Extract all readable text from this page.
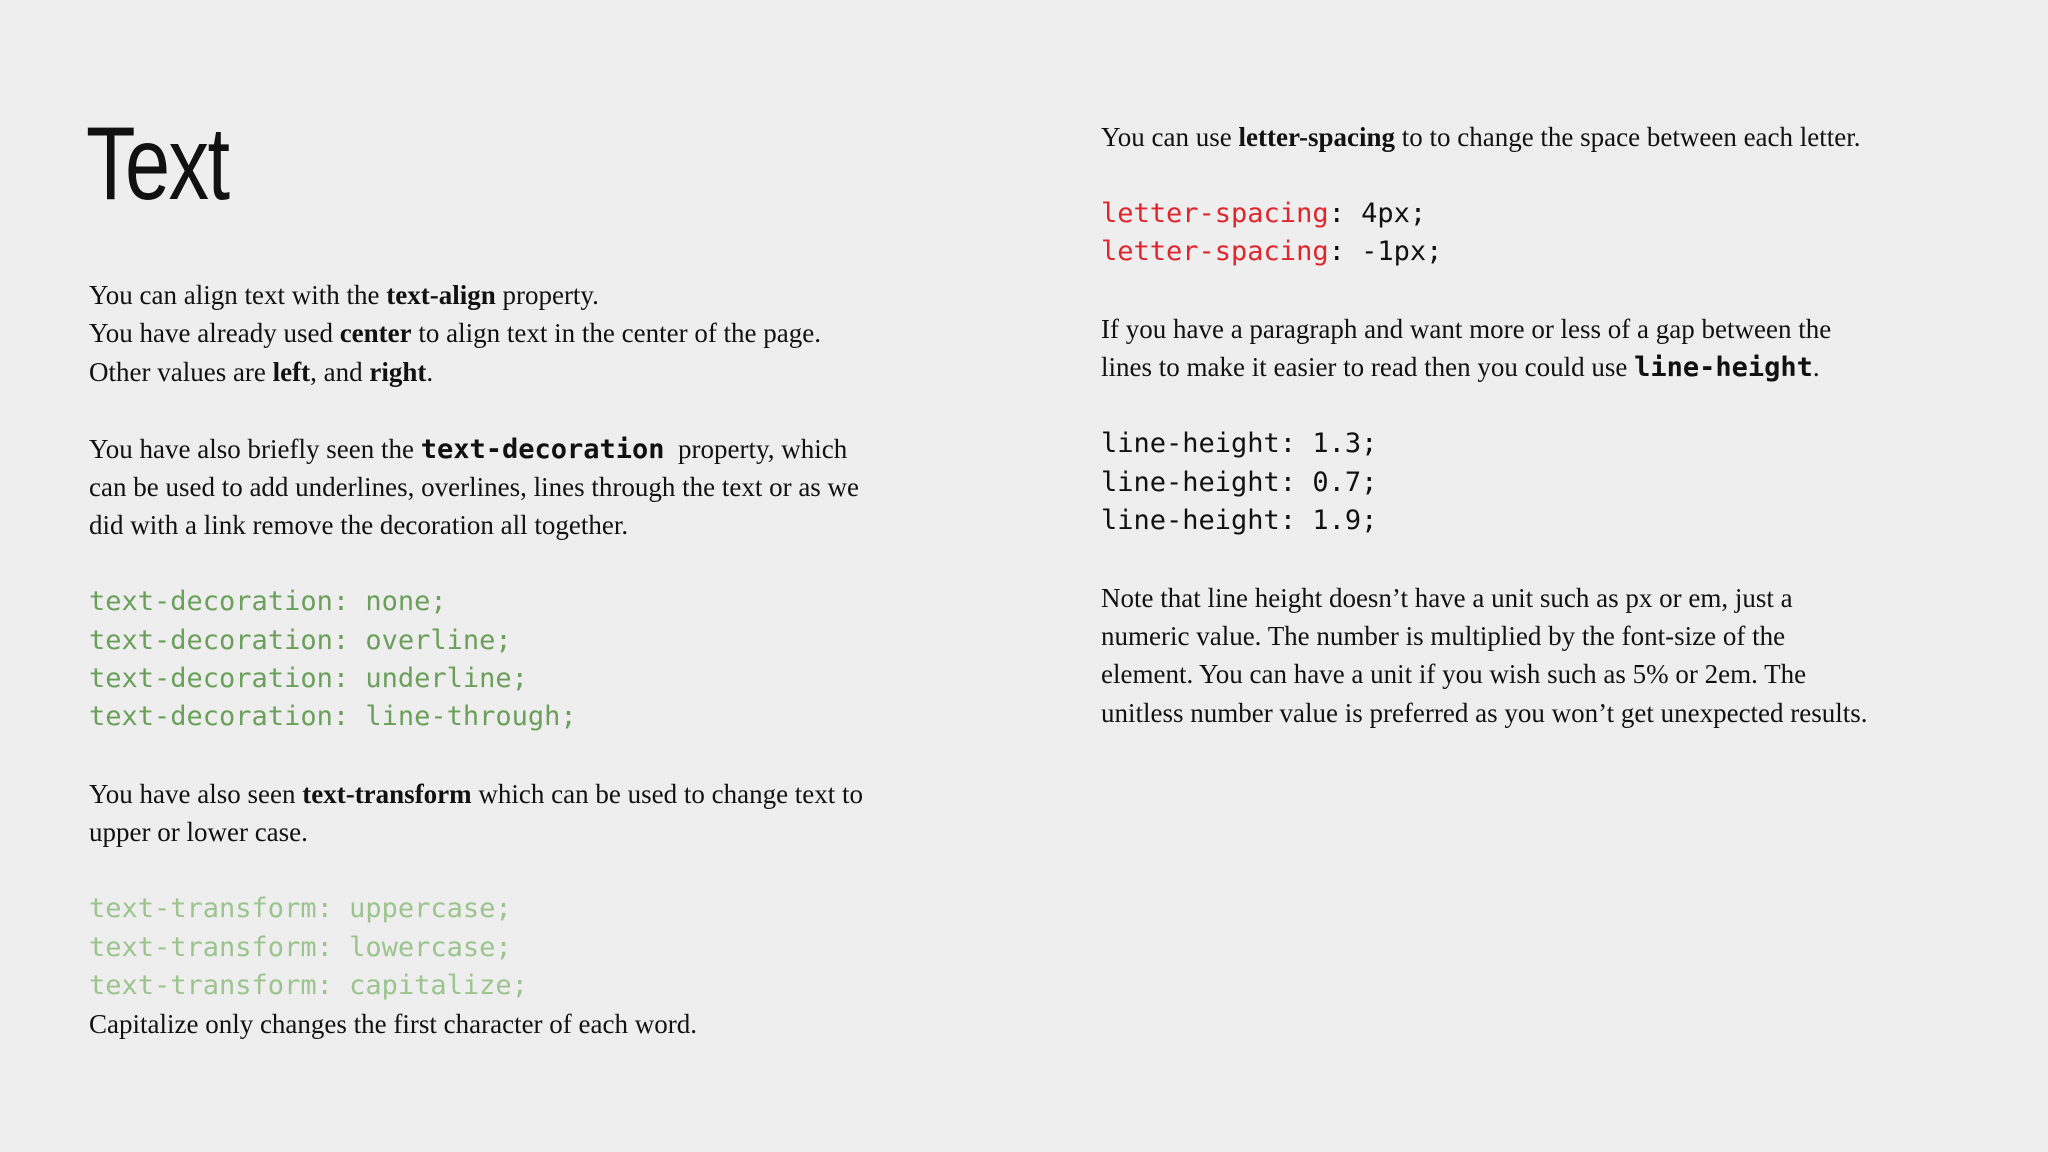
Text
You can align text with the text-align property.
You have already used center to align text in the center of the page.
Other values are left, and right.
You have also briefly seen the text-decoration  property, which
can be used to add underlines, overlines, lines through the text or as we
did with a link remove the decoration all together.
text-decoration: none;
text-decoration: overline;
text-decoration: underline;
text-decoration: line-through;
You have also seen text-transform which can be used to change text to
upper or lower case.
text-transform: uppercase;
text-transform: lowercase;
text-transform: capitalize;
Capitalize only changes the first character of each word.
You can use letter-spacing to to change the space between each letter.
letter-spacing: 4px;
letter-spacing: -1px;
If you have a paragraph and want more or less of a gap between the
lines to make it easier to read then you could use line-height.
line-height: 1.3;
line-height: 0.7;
line-height: 1.9;
Note that line height doesn’t have a unit such as px or em, just a
numeric value. The number is multiplied by the font-size of the
element. You can have a unit if you wish such as 5% or 2em. The
unitless number value is preferred as you won’t get unexpected results.
